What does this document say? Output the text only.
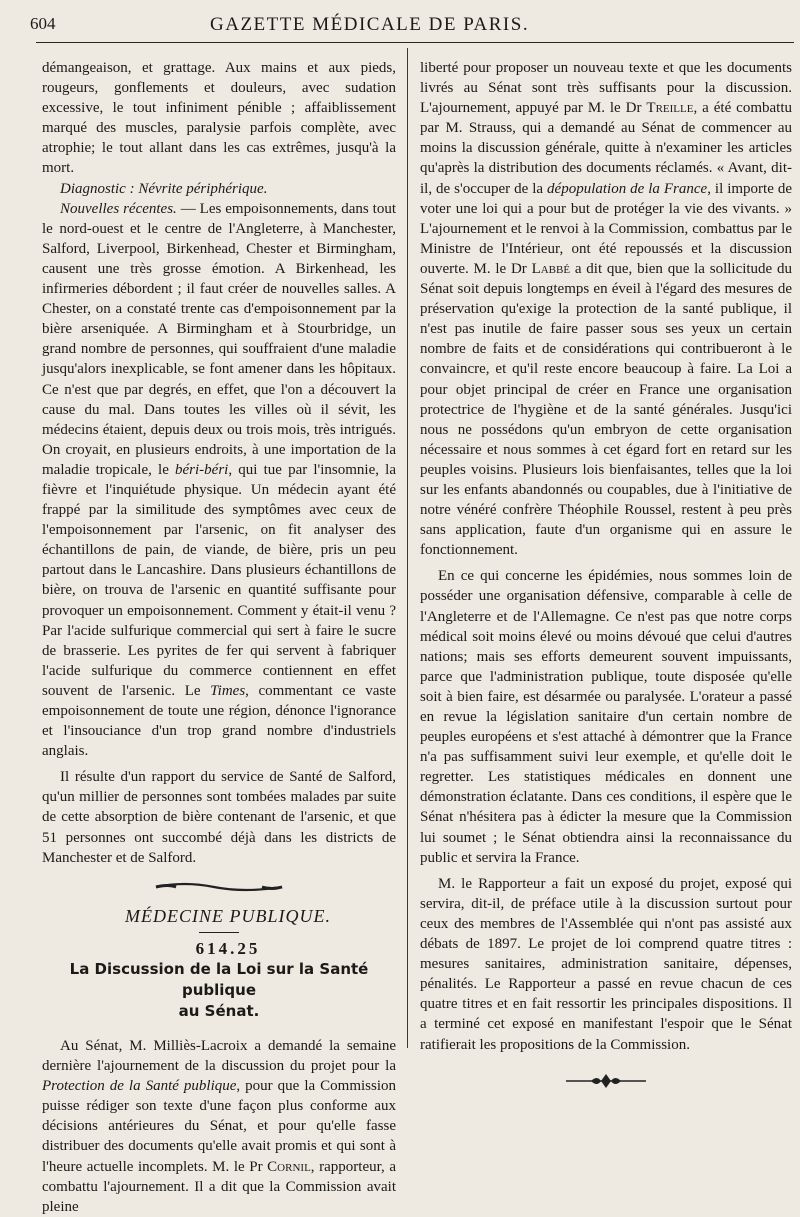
604	GAZETTE MÉDICALE DE PARIS.

démangeaison, et grattage. Aux mains et aux pieds, rougeurs, gonflements et douleurs, avec sudation excessive, le tout infiniment pénible ; affaiblissement marqué des muscles, paralysie parfois complète, avec atrophie; le tout allant dans les cas extrêmes, jusqu'à la mort.

Diagnostic : Névrite périphérique.

Nouvelles récentes. — Les empoisonnements, dans tout le nord-ouest et le centre de l'Angleterre, à Manchester, Salford, Liverpool, Birkenhead, Chester et Birmingham, causent une très grosse émotion. A Birkenhead, les infirmeries débordent ; il faut créer de nouvelles salles. A Chester, on a constaté trente cas d'empoisonnement par la bière arseniquée. A Birmingham et à Stourbridge, un grand nombre de personnes, qui souffraient d'une maladie jusqu'alors inexplicable, se font amener dans les hôpitaux. Ce n'est que par degrés, en effet, que l'on a découvert la cause du mal. Dans toutes les villes où il sévit, les médecins étaient, depuis deux ou trois mois, très intrigués. On croyait, en plusieurs endroits, à une importation de la maladie tropicale, le béri-béri, qui tue par l'insomnie, la fièvre et l'inquiétude physique. Un médecin ayant été frappé par la similitude des symptômes avec ceux de l'empoisonnement par l'arsenic, on fit analyser des échantillons de pain, de viande, de bière, pris un peu partout dans le Lancashire. Dans plusieurs échantillons de bière, on trouva de l'arsenic en quantité suffisante pour provoquer un empoisonnement. Comment y était-il venu ? Par l'acide sulfurique commercial qui sert à faire le sucre de brasserie. Les pyrites de fer qui servent à fabriquer l'acide sulfurique du commerce contiennent en effet souvent de l'arsenic. Le Times, commentant ce vaste empoisonnement de toute une région, dénonce l'ignorance et l'insouciance d'un trop grand nombre d'industriels anglais.

Il résulte d'un rapport du service de Santé de Salford, qu'un millier de personnes sont tombées malades par suite de cette absorption de bière contenant de l'arsenic, et que 51 personnes ont succombé déjà dans les districts de Manchester et de Salford.

MÉDECINE PUBLIQUE.

614.25

La Discussion de la Loi sur la Santé publique
au Sénat.

Au Sénat, M. Milliès-Lacroix a demandé la semaine dernière l'ajournement de la discussion du projet pour la Protection de la Santé publique, pour que la Commission puisse rédiger son texte d'une façon plus conforme aux décisions antérieures du Sénat, et pour qu'elle fasse distribuer des documents qu'elle avait promis et qui sont à l'heure actuelle incomplets. M. le Pr Cornil, rapporteur, a combattu l'ajournement. Il a dit que la Commission avait pleine

liberté pour proposer un nouveau texte et que les documents livrés au Sénat sont très suffisants pour la discussion. L'ajournement, appuyé par M. le Dr Treille, a été combattu par M. Strauss, qui a demandé au Sénat de commencer au moins la discussion générale, quitte à n'examiner les articles qu'après la distribution des documents réclamés. « Avant, dit-il, de s'occuper de la dépopulation de la France, il importe de voter une loi qui a pour but de protéger la vie des vivants. » L'ajournement et le renvoi à la Commission, combattus par le Ministre de l'Intérieur, ont été repoussés et la discussion ouverte. M. le Dr Labbé a dit que, bien que la sollicitude du Sénat soit depuis longtemps en éveil à l'égard des mesures de préservation qu'exige la protection de la santé publique, il n'est pas inutile de faire passer sous ses yeux un certain nombre de faits et de considérations qui contribueront à le convaincre, et qu'il reste encore beaucoup à faire. La Loi a pour objet principal de créer en France une organisation protectrice de l'hygiène et de la santé générales. Jusqu'ici nous ne possédons qu'un embryon de cette organisation nécessaire et nous sommes à cet égard fort en retard sur les peuples voisins. Plusieurs lois bienfaisantes, telles que la loi sur les enfants abandonnés ou coupables, due à l'initiative de notre vénéré confrère Théophile Roussel, restent à peu près sans application, faute d'un organisme qui en assure le fonctionnement.

En ce qui concerne les épidémies, nous sommes loin de posséder une organisation défensive, comparable à celle de l'Angleterre et de l'Allemagne. Ce n'est pas que notre corps médical soit moins élevé ou moins dévoué que celui d'autres nations; mais ses efforts demeurent souvent impuissants, parce que l'administration publique, toute disposée qu'elle soit à bien faire, est désarmée ou paralysée. L'orateur a passé en revue la législation sanitaire d'un certain nombre de peuples européens et s'est attaché à démontrer que la France n'a pas suffisamment suivi leur exemple, et qu'elle doit le regretter. Les statistiques médicales en donnent une démonstration éclatante. Dans ces conditions, il espère que le Sénat n'hésitera pas à édicter la mesure que la Commission lui soumet ; le Sénat obtiendra ainsi la reconnaissance du public et servira la France.

M. le Rapporteur a fait un exposé du projet, exposé qui servira, dit-il, de préface utile à la discussion surtout pour ceux des membres de l'Assemblée qui n'ont pas assisté aux débats de 1897. Le projet de loi comprend quatre titres : mesures sanitaires, administration sanitaire, dépenses, pénalités. Le Rapporteur a passé en revue chacun de ces quatre titres et en fait ressortir les principales dispositions. Il a terminé cet exposé en manifestant l'espoir que le Sénat ratifierait les propositions de la Commission.
